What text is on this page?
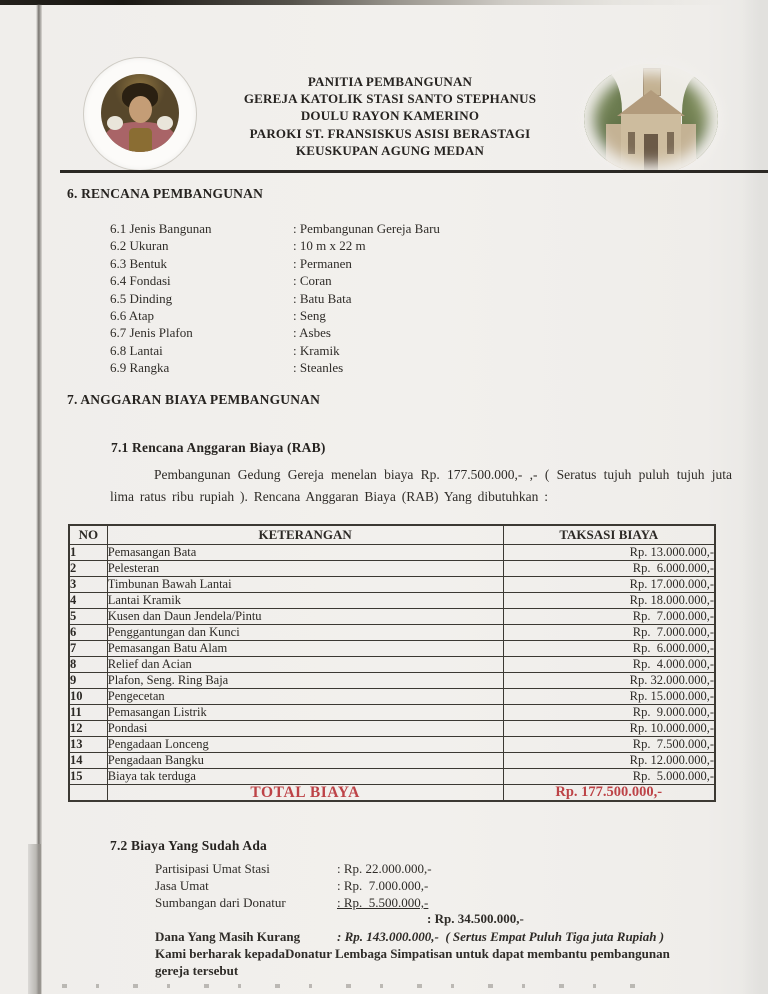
PANITIA PEMBANGUNAN
GEREJA KATOLIK STASI SANTO STEPHANUS
DOULU RAYON KAMERINO
PAROKI ST. FRANSISKUS ASISI BERASTAGI
KEUSKUPAN AGUNG MEDAN
6. RENCANA PEMBANGUNAN
6.1 Jenis Bangunan	: Pembangunan Gereja Baru
6.2 Ukuran	: 10 m x 22 m
6.3 Bentuk	: Permanen
6.4 Fondasi	: Coran
6.5 Dinding	: Batu Bata
6.6 Atap	: Seng
6.7 Jenis Plafon	: Asbes
6.8 Lantai	: Kramik
6.9 Rangka	: Steanles
7. ANGGARAN BIAYA PEMBANGUNAN
7.1 Rencana Anggaran Biaya (RAB)
Pembangunan Gedung Gereja menelan biaya Rp. 177.500.000,- ,- ( Seratus tujuh puluh tujuh juta lima ratus ribu rupiah ). Rencana Anggaran Biaya (RAB) Yang dibutuhkan :
NO	KETERANGAN	TAKSASI BIAYA
1	Pemasangan Bata	Rp. 13.000.000,-
2	Pelesteran	Rp.  6.000.000,-
3	Timbunan Bawah Lantai	Rp. 17.000.000,-
4	Lantai Kramik	Rp. 18.000.000,-
5	Kusen dan Daun Jendela/Pintu	Rp.  7.000.000,-
6	Penggantungan dan Kunci	Rp.  7.000.000,-
7	Pemasangan Batu Alam	Rp.  6.000.000,-
8	Relief dan Acian	Rp.  4.000.000,-
9	Plafon, Seng. Ring Baja	Rp. 32.000.000,-
10	Pengecetan	Rp. 15.000.000,-
11	Pemasangan Listrik	Rp.  9.000.000,-
12	Pondasi	Rp. 10.000.000,-
13	Pengadaan Lonceng	Rp.  7.500.000,-
14	Pengadaan Bangku	Rp. 12.000.000,-
15	Biaya tak terduga	Rp.  5.000.000,-
	TOTAL BIAYA	Rp. 177.500.000,-
7.2 Biaya Yang Sudah Ada
Partisipasi Umat Stasi	: Rp. 22.000.000,-
Jasa Umat	: Rp.  7.000.000,-
Sumbangan dari Donatur	: Rp.  5.500.000,-
: Rp. 34.500.000,-
Dana Yang Masih Kurang	: Rp. 143.000.000,-  ( Sertus Empat Puluh Tiga juta Rupiah )
Kami berharak kepadaDonatur Lembaga Simpatisan untuk dapat membantu pembangunan
gereja tersebut
